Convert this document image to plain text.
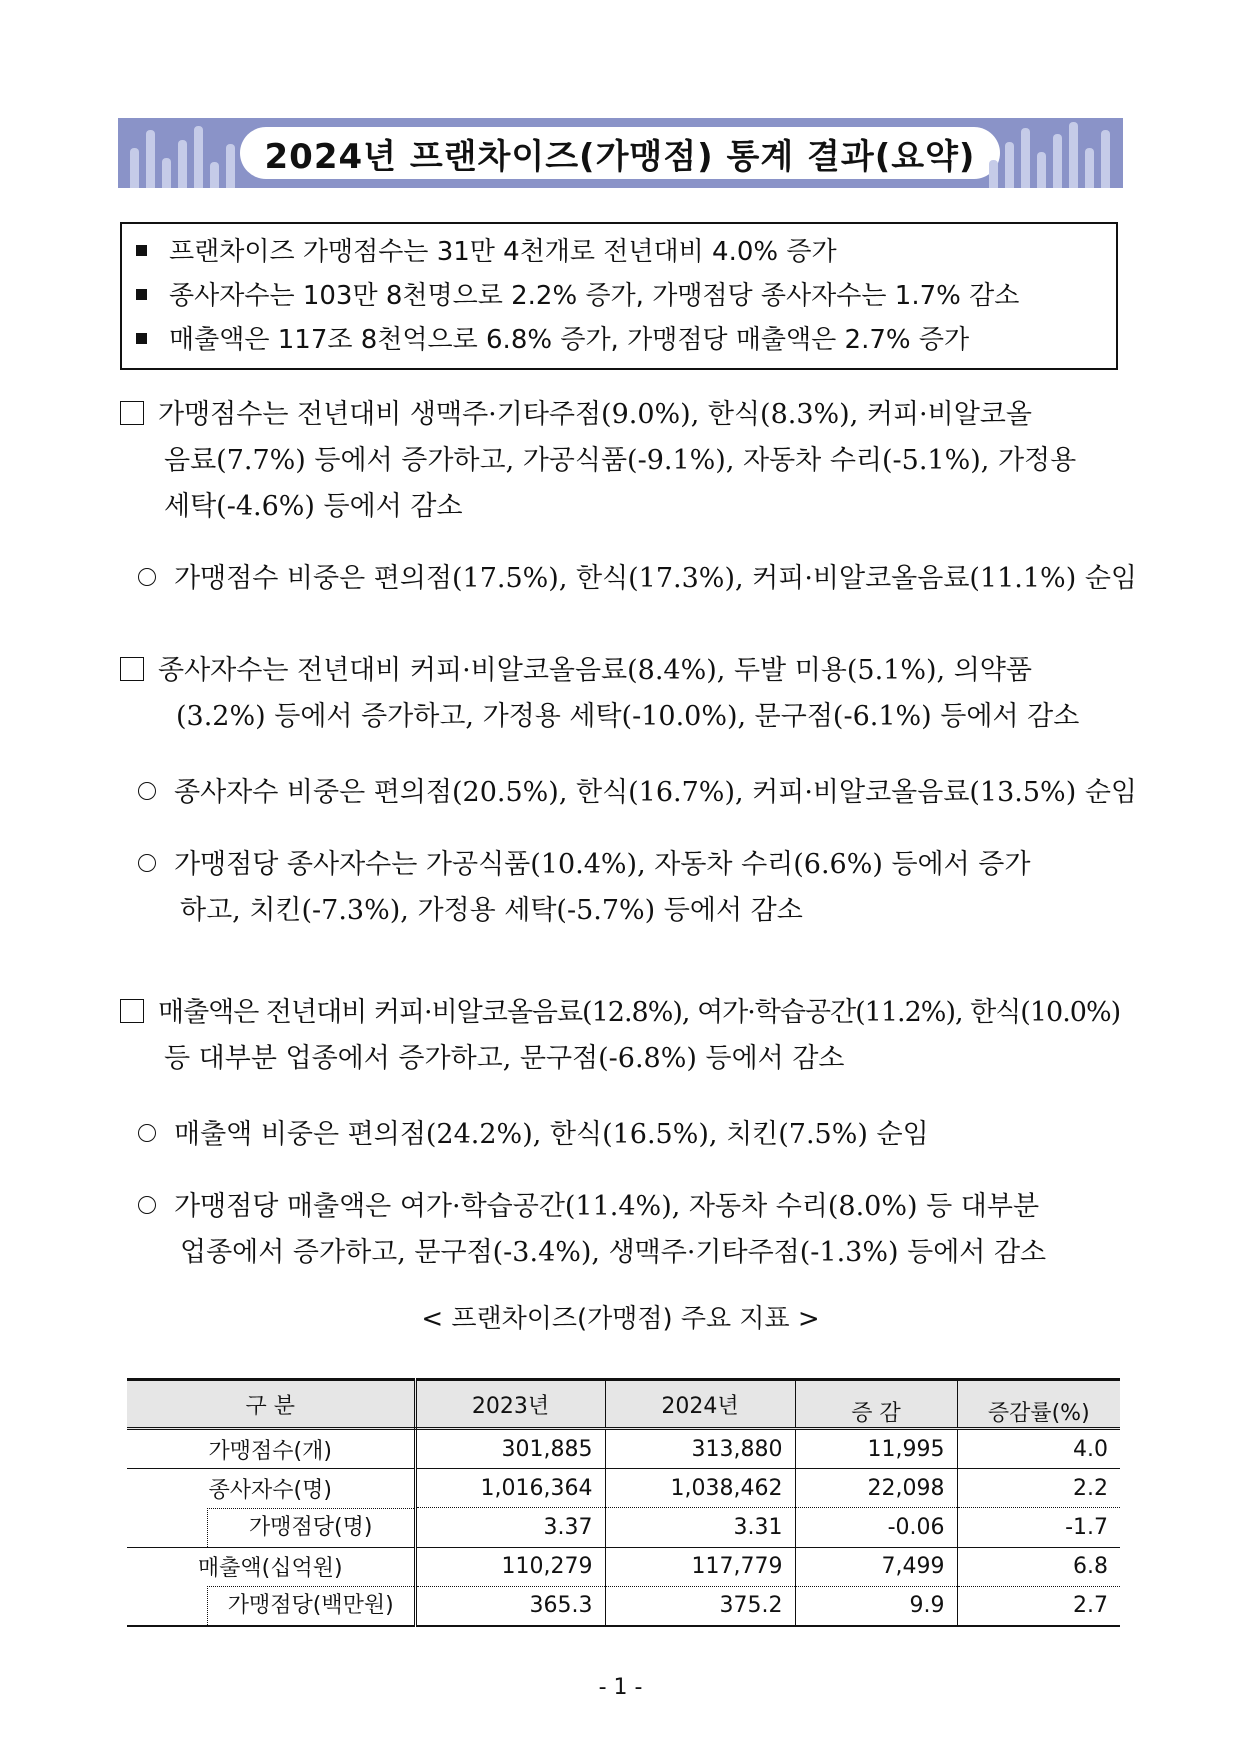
2024년 프랜차이즈(가맹점) 통계 결과(요약)
프랜차이즈 가맹점수는 31만 4천개로 전년대비 4.0% 증가
종사자수는 103만 8천명으로 2.2% 증가, 가맹점당 종사자수는 1.7% 감소
매출액은 117조 8천억으로 6.8% 증가, 가맹점당 매출액은 2.7% 증가
가맹점수는 전년대비 생맥주·기타주점(9.0%), 한식(8.3%), 커피·비알코올
음료(7.7%) 등에서 증가하고, 가공식품(-9.1%), 자동차 수리(-5.1%), 가정용
세탁(-4.6%) 등에서 감소
가맹점수 비중은 편의점(17.5%), 한식(17.3%), 커피·비알코올음료(11.1%) 순임
종사자수는 전년대비 커피·비알코올음료(8.4%), 두발 미용(5.1%), 의약품
(3.2%) 등에서 증가하고, 가정용 세탁(-10.0%), 문구점(-6.1%) 등에서 감소
종사자수 비중은 편의점(20.5%), 한식(16.7%), 커피·비알코올음료(13.5%) 순임
가맹점당 종사자수는 가공식품(10.4%), 자동차 수리(6.6%) 등에서 증가
하고, 치킨(-7.3%), 가정용 세탁(-5.7%) 등에서 감소
매출액은 전년대비 커피·비알코올음료(12.8%), 여가·학습공간(11.2%), 한식(10.0%)
등 대부분 업종에서 증가하고, 문구점(-6.8%) 등에서 감소
매출액 비중은 편의점(24.2%), 한식(16.5%), 치킨(7.5%) 순임
가맹점당 매출액은 여가·학습공간(11.4%), 자동차 수리(8.0%) 등 대부분
업종에서 증가하고, 문구점(-3.4%), 생맥주·기타주점(-1.3%) 등에서 감소
< 프랜차이즈(가맹점) 주요 지표 >
구 분	2023년	2024년	증 감	증감률(%)
가맹점수(개)	301,885	313,880	11,995	4.0
종사자수(명)	1,016,364	1,038,462	22,098	2.2

가맹점당(명)	3.37	3.31	-0.06	-1.7
매출액(십억원)	110,279	117,779	7,499	6.8

가맹점당(백만원)	365.3	375.2	9.9	2.7
- 1 -
